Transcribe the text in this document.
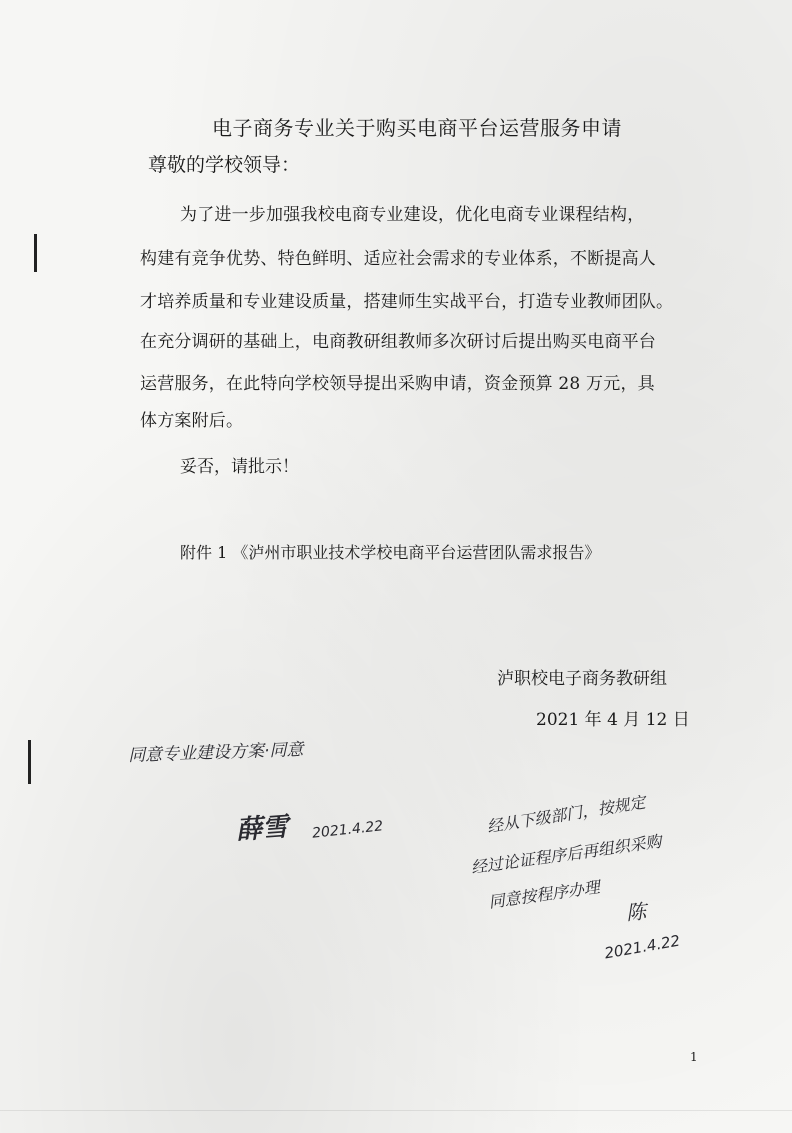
电子商务专业关于购买电商平台运营服务申请
尊敬的学校领导：
为了进一步加强我校电商专业建设，优化电商专业课程结构，
构建有竞争优势、特色鲜明、适应社会需求的专业体系，不断提高人
才培养质量和专业建设质量，搭建师生实战平台，打造专业教师团队。
在充分调研的基础上，电商教研组教师多次研讨后提出购买电商平台
运营服务，在此特向学校领导提出采购申请，资金预算 28 万元，具
体方案附后。
妥否，请批示！
附件 1 《泸州市职业技术学校电商平台运营团队需求报告》
泸职校电子商务教研组
2021 年 4 月 12 日
同意专业建设方案·同意
薛雪 2021.4.22	经从下级部门，按规定
经过论证程序后再组织采购
同意按程序办理
陈
2021.4.22
1
